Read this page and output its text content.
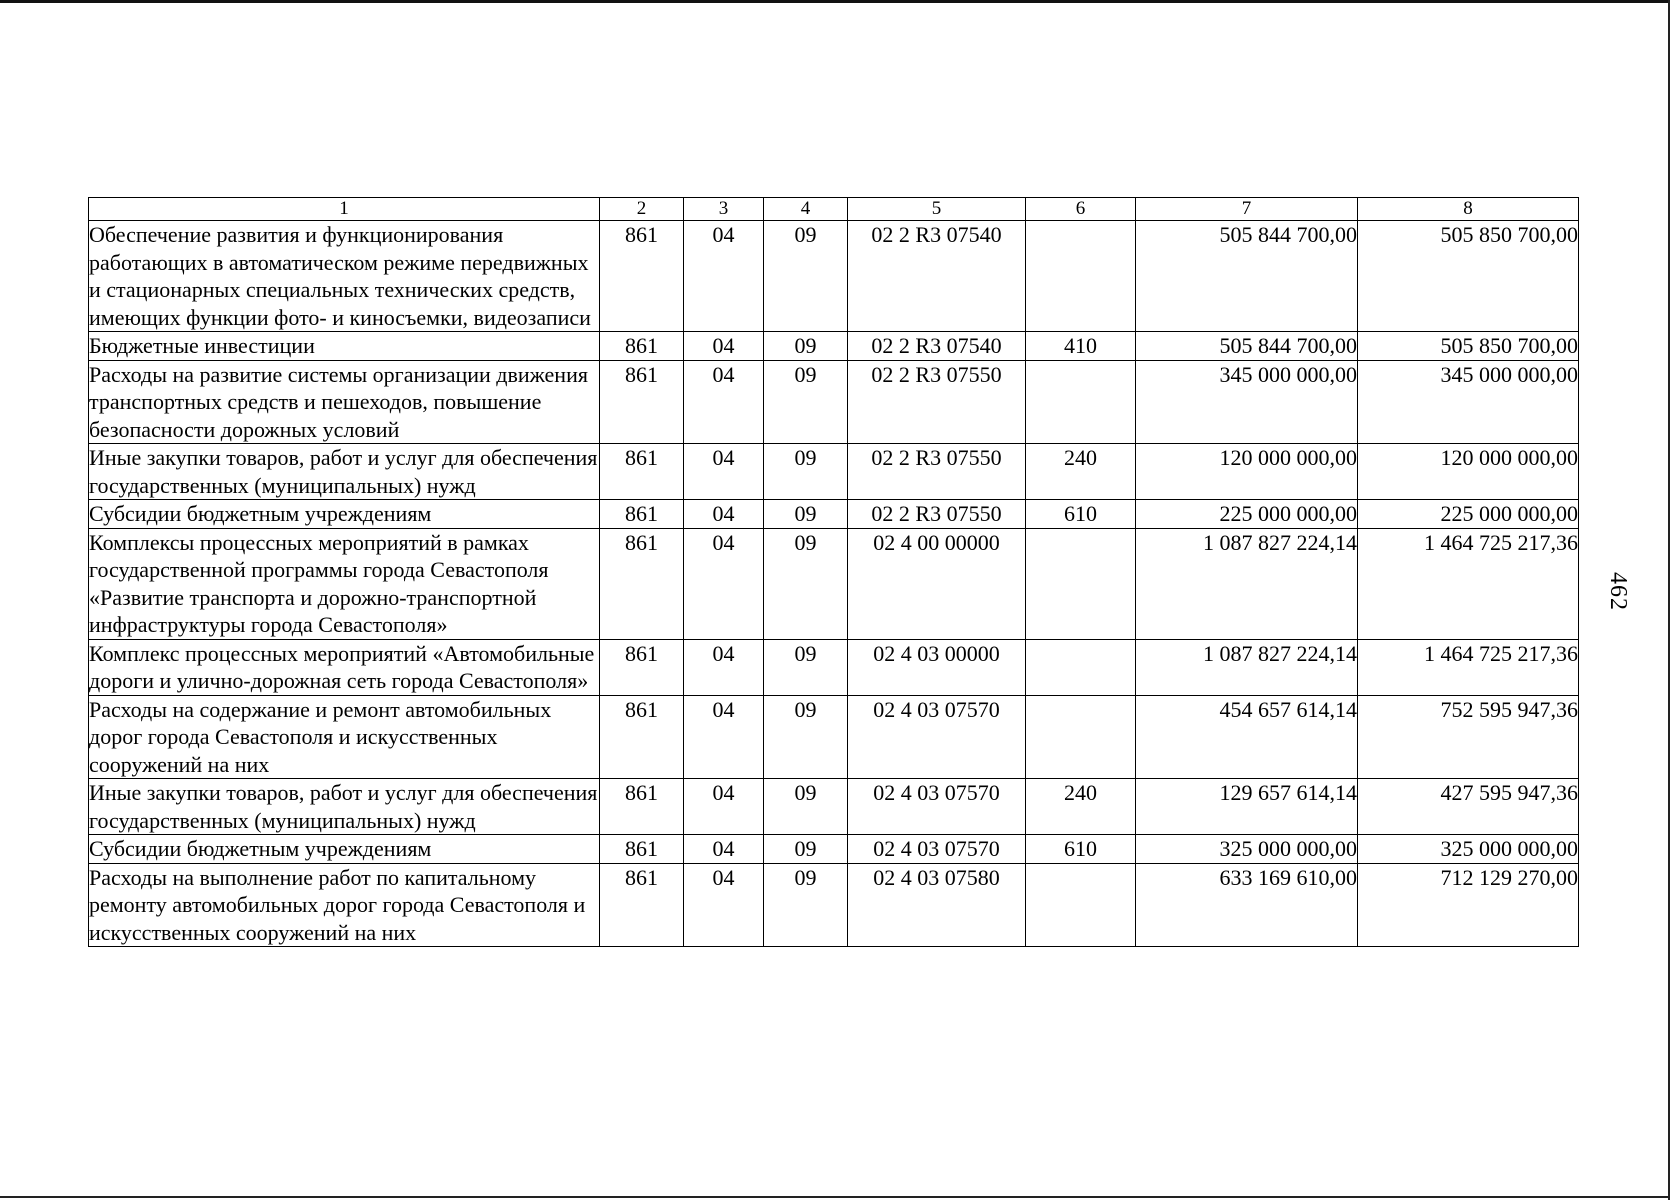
462
1	2	3	4	5	6	7	8
Обеспечение развития и функционирования работающих в автоматическом режиме передвижных и стационарных специальных технических средств, имеющих функции фото- и киносъемки, видеозаписи	861	04	09	02 2 R3 07540		505 844 700,00	505 850 700,00
Бюджетные инвестиции	861	04	09	02 2 R3 07540	410	505 844 700,00	505 850 700,00
Расходы на развитие системы организации движения транспортных средств и пешеходов, повышение безопасности дорожных условий	861	04	09	02 2 R3 07550		345 000 000,00	345 000 000,00
Иные закупки товаров, работ и услуг для обеспечения государственных (муниципальных) нужд	861	04	09	02 2 R3 07550	240	120 000 000,00	120 000 000,00
Субсидии бюджетным учреждениям	861	04	09	02 2 R3 07550	610	225 000 000,00	225 000 000,00
Комплексы процессных мероприятий в рамках государственной программы города Севастополя «Развитие транспорта и дорожно-транспортной инфраструктуры города Севастополя»	861	04	09	02 4 00 00000		1 087 827 224,14	1 464 725 217,36
Комплекс процессных мероприятий «Автомобильные дороги и улично-дорожная сеть города Севастополя»	861	04	09	02 4 03 00000		1 087 827 224,14	1 464 725 217,36
Расходы на содержание и ремонт автомобильных дорог города Севастополя и искусственных сооружений на них	861	04	09	02 4 03 07570		454 657 614,14	752 595 947,36
Иные закупки товаров, работ и услуг для обеспечения государственных (муниципальных) нужд	861	04	09	02 4 03 07570	240	129 657 614,14	427 595 947,36
Субсидии бюджетным учреждениям	861	04	09	02 4 03 07570	610	325 000 000,00	325 000 000,00
Расходы на выполнение работ по капитальному ремонту автомобильных дорог города Севастополя и искусственных сооружений на них	861	04	09	02 4 03 07580		633 169 610,00	712 129 270,00
